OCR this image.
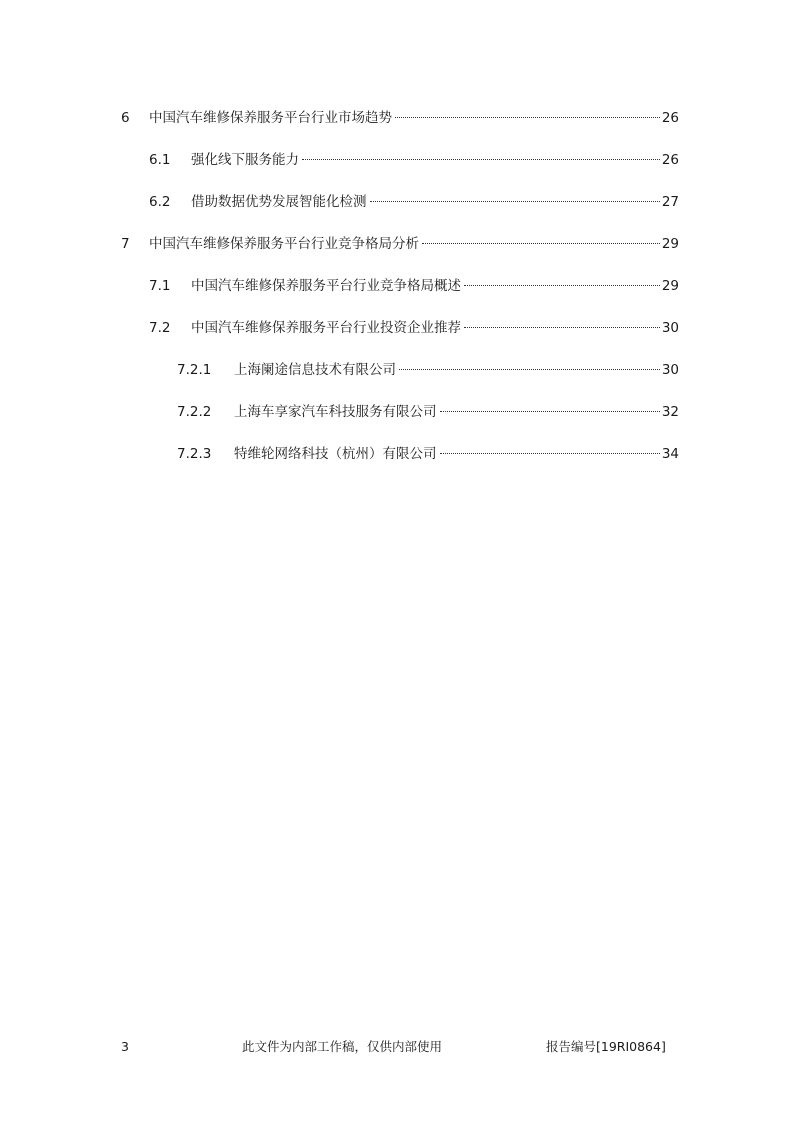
6	中国汽车维修保养服务平台行业市场趋势	26
6.1	强化线下服务能力	26
6.2	借助数据优势发展智能化检测	27
7	中国汽车维修保养服务平台行业竞争格局分析	29
7.1	中国汽车维修保养服务平台行业竞争格局概述	29
7.2	中国汽车维修保养服务平台行业投资企业推荐	30
7.2.1	上海阑途信息技术有限公司	30
7.2.2	上海车享家汽车科技服务有限公司	32
7.2.3	特维轮网络科技（杭州）有限公司	34
3	此文件为内部工作稿，仅供内部使用	报告编号[19RI0864]
